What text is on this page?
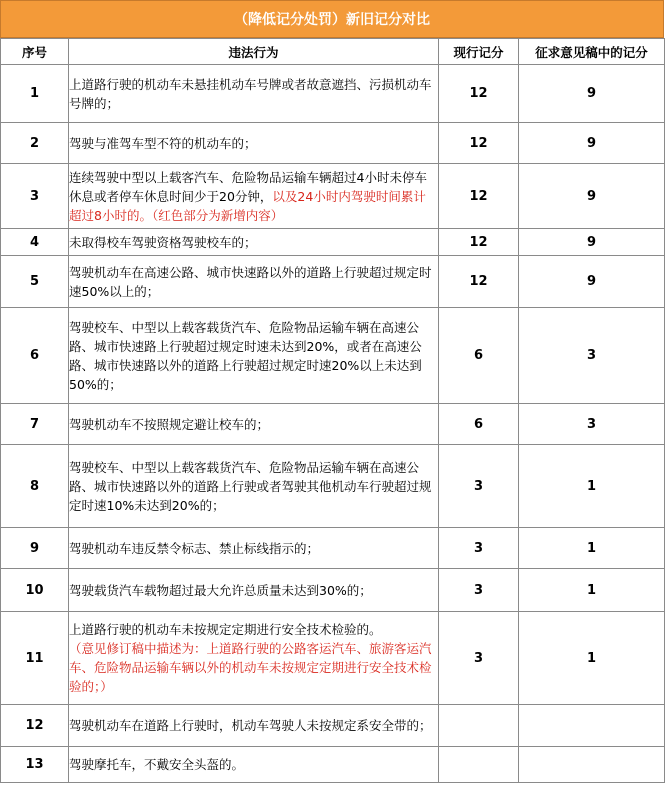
（降低记分处罚）新旧记分对比
序号	违法行为	现行记分	征求意见稿中的记分
1	上道路行驶的机动车未悬挂机动车号牌或者故意遮挡、污损机动车号牌的；	12	9
2	驾驶与准驾车型不符的机动车的；	12	9
3	连续驾驶中型以上载客汽车、危险物品运输车辆超过4小时未停车休息或者停车休息时间少于20分钟，以及24小时内驾驶时间累计超过8小时的。（红色部分为新增内容）	12	9
4	未取得校车驾驶资格驾驶校车的；	12	9
5	驾驶机动车在高速公路、城市快速路以外的道路上行驶超过规定时速50%以上的；	12	9
6	驾驶校车、中型以上载客载货汽车、危险物品运输车辆在高速公路、城市快速路上行驶超过规定时速未达到20%，或者在高速公路、城市快速路以外的道路上行驶超过规定时速20%以上未达到50%的；	6	3
7	驾驶机动车不按照规定避让校车的；	6	3
8	驾驶校车、中型以上载客载货汽车、危险物品运输车辆在高速公路、城市快速路以外的道路上行驶或者驾驶其他机动车行驶超过规定时速10%未达到20%的；	3	1
9	驾驶机动车违反禁令标志、禁止标线指示的；	3	1
10	驾驶载货汽车载物超过最大允许总质量未达到30%的；	3	1
11	上道路行驶的机动车未按规定定期进行安全技术检验的。
（意见修订稿中描述为：上道路行驶的公路客运汽车、旅游客运汽车、危险物品运输车辆以外的机动车未按规定定期进行安全技术检验的；）	3	1
12	驾驶机动车在道路上行驶时，机动车驾驶人未按规定系安全带的；		
13	驾驶摩托车，不戴安全头盔的。		
